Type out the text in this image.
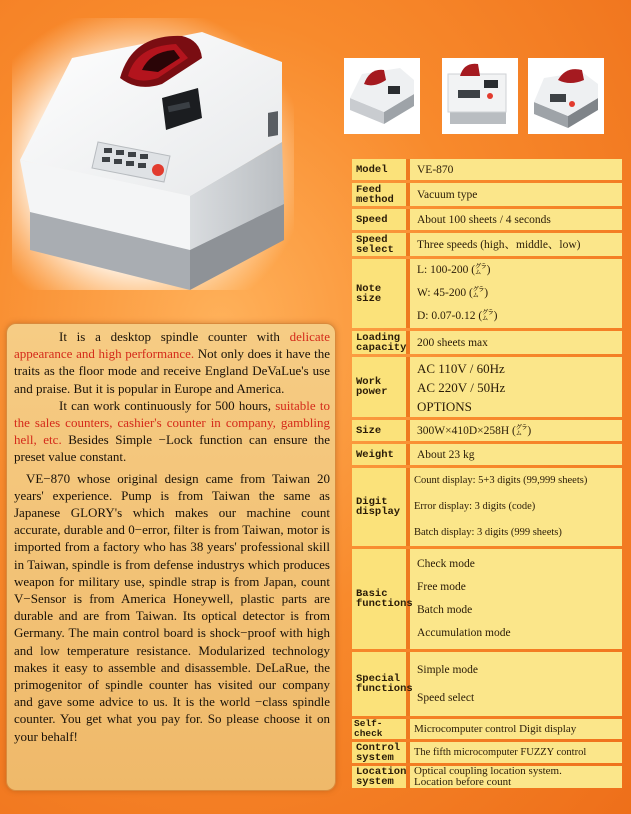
It is a desktop spindle counter with delicate appearance and high performance. Not only does it have the traits as the floor mode and receive England DeVaLue's use and praise. But it is popular in Europe and America.

It can work continuously for 500 hours, suitable to the sales counters, cashier's counter in company, gambling hell, etc. Besides Simple −Lock function can ensure the preset value constant.

VE−870 whose original design came from Taiwan 20 years' experience. Pump is from Taiwan the same as Japanese GLORY's which makes our machine count accurate, durable and 0−error, filter is from Taiwan, motor is imported from a factory who has 38 years' professional skill in Taiwan, spindle is from defense industrys which produces weapon for military use, spindle strap is from Japan, count V−Sensor is from America Honeywell, plastic parts are durable and are from Taiwan. Its optical detector is from Germany. The main control board is shock−proof with high and low temperature resistance. Modularized technology makes it easy to assemble and disassemble. DeLaRue, the primogenitor of spindle counter has visited our company and gave some advice to us. It is the world −class spindle counter. You get what you pay for. So please choose it on your behalf!

Model	VE-870
Feed
method	Vacuum type
Speed	About 100 sheets / 4 seconds
Speed
select	Three speeds (high、middle、low)
Note size	L: 100-200 (㌘)
W: 45-200 (㌘)
D: 0.07-0.12 (㌘)

Loading
capacity	200 sheets max
Work
power	AC 110V / 60Hz
AC 220V / 50Hz
OPTIONS

Size	300W×410D×258H (㌘)
Weight	About 23 kg
Digit
display	Count display: 5+3 digits (99,999 sheets)
Error display: 3 digits (code)
Batch display: 3 digits (999 sheets)

Basic
functions	Check mode
Free mode
Batch mode
Accumulation mode

Special
functions	Simple mode
Speed select

Self-check	Microcomputer control Digit display
Control
system	The fifth microcomputer FUZZY control
Location
system	Optical coupling location system.
Location before count
